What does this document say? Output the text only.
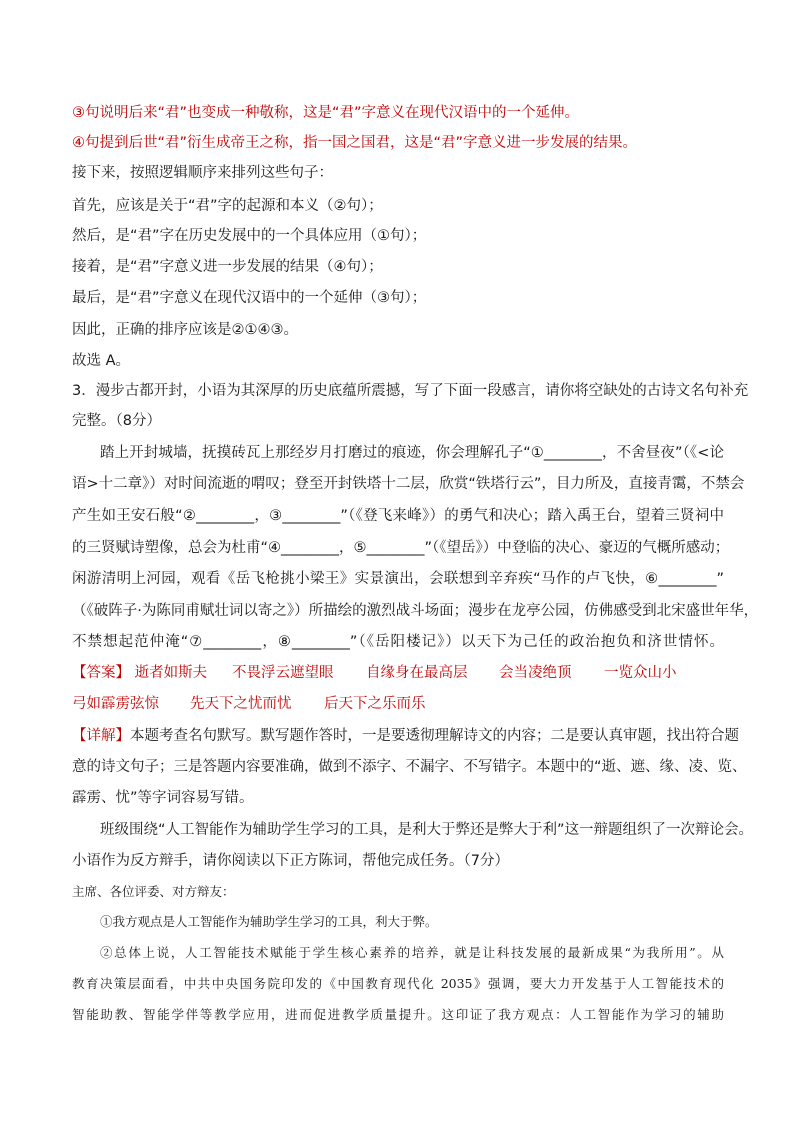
③句说明后来“君”也变成一种敬称，这是“君”字意义在现代汉语中的一个延伸。
④句提到后世“君”衍生成帝王之称，指一国之国君，这是“君”字意义进一步发展的结果。
接下来，按照逻辑顺序来排列这些句子：
首先，应该是关于“君”字的起源和本义（②句）；
然后，是“君”字在历史发展中的一个具体应用（①句）；
接着，是“君”字意义进一步发展的结果（④句）；
最后，是“君”字意义在现代汉语中的一个延伸（③句）；
因此，正确的排序应该是②①④③。
故选 A。
3．漫步古都开封，小语为其深厚的历史底蕴所震撼，写了下面一段感言，请你将空缺处的古诗文名句补充
完整。（8分）
踏上开封城墙，抚摸砖瓦上那经岁月打磨过的痕迹，你会理解孔子“①________，不舍昼夜”（《<论
语>十二章》）对时间流逝的喟叹；登至开封铁塔十二层，欣赏“铁塔行云”，目力所及，直接青霭，不禁会
产生如王安石般“②________，③________”（《登飞来峰》）的勇气和决心；踏入禹王台，望着三贤祠中
的三贤赋诗塑像，总会为杜甫“④________，⑤________”（《望岳》）中登临的决心、豪迈的气概所感动；
闲游清明上河园，观看《岳飞枪挑小梁王》实景演出，会联想到辛弃疾“马作的卢飞快，⑥________”
（《破阵子·为陈同甫赋壮词以寄之》）所描绘的激烈战斗场面；漫步在龙亭公园，仿佛感受到北宋盛世年华，
不禁想起范仲淹“⑦________，⑧________”（《岳阳楼记》）以天下为己任的政治抱负和济世情怀。
【答案】 逝者如斯夫 不畏浮云遮望眼 自缘身在最高层 会当凌绝顶 一览众山小
弓如霹雳弦惊 先天下之忧而忧 后天下之乐而乐
【详解】本题考查名句默写。默写题作答时，一是要透彻理解诗文的内容；二是要认真审题，找出符合题
意的诗文句子；三是答题内容要准确，做到不添字、不漏字、不写错字。本题中的“逝、遮、缘、凌、览、
霹雳、忧”等字词容易写错。
班级围绕“人工智能作为辅助学生学习的工具，是利大于弊还是弊大于利”这一辩题组织了一次辩论会。
小语作为反方辩手，请你阅读以下正方陈词，帮他完成任务。（7分）
主席、各位评委、对方辩友：
①我方观点是人工智能作为辅助学生学习的工具，利大于弊。
②总体上说，人工智能技术赋能于学生核心素养的培养，就是让科技发展的最新成果“为我所用”。从
教育决策层面看，中共中央国务院印发的《中国教育现代化 2035》强调，要大力开发基于人工智能技术的
智能助教、智能学伴等教学应用，进而促进教学质量提升。这印证了我方观点：人工智能作为学习的辅助
